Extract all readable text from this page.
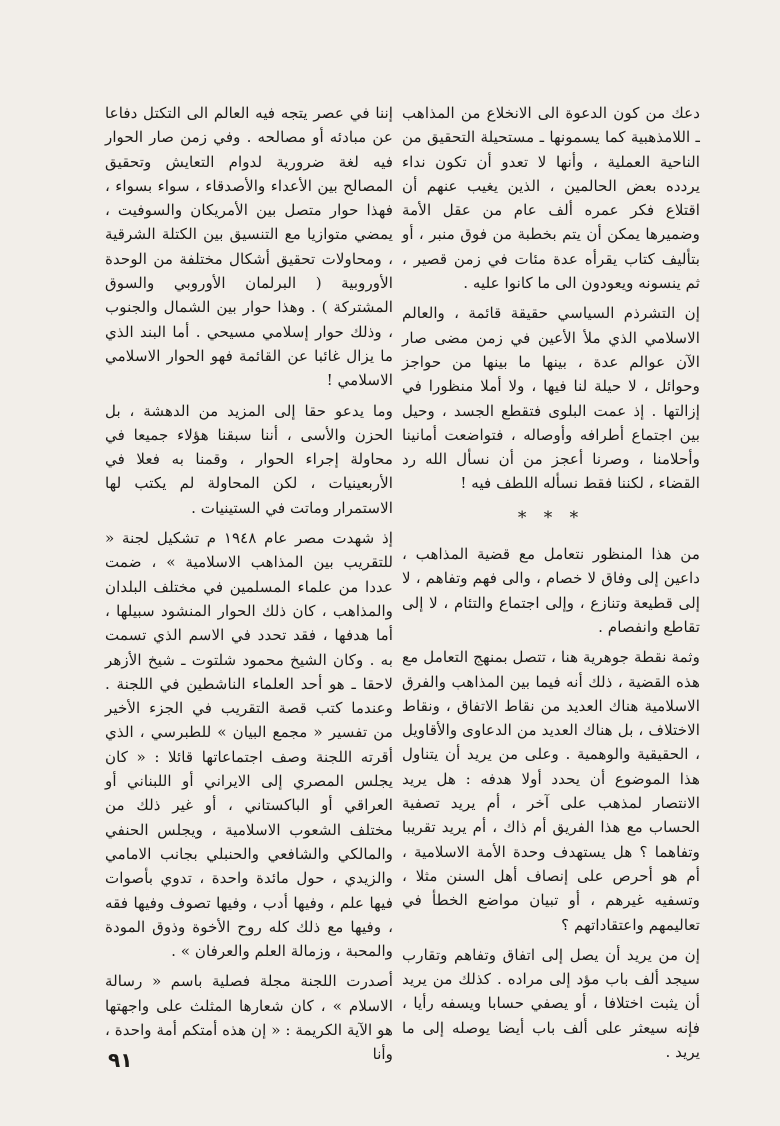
دعك من كون الدعوة الى الانخلاع من المذاهب ـ اللامذهبية كما يسمونها ـ مستحيلة التحقيق من الناحية العملية ، وأنها لا تعدو أن تكون نداء يردده بعض الحالمين ، الذين يغيب عنهم أن اقتلاع فكر عمره ألف عام من عقل الأمة وضميرها يمكن أن يتم بخطبة من فوق منبر ، أو بتأليف كتاب يقرأه عدة مئات في زمن قصير ، ثم ينسونه ويعودون الى ما كانوا عليه .

إن التشرذم السياسي حقيقة قائمة ، والعالم الاسلامي الذي ملأ الأعين في زمن مضى صار الآن عوالم عدة ، بينها ما بينها من حواجز وحوائل ، لا حيلة لنا فيها ، ولا أملا منظورا في إزالتها . إذ عمت البلوى فتقطع الجسد ، وحيل بين اجتماع أطرافه وأوصاله ، فتواضعت أمانينا وأحلامنا ، وصرنا أعجز من أن نسأل الله رد القضاء ، لكننا فقط نسأله اللطف فيه !

* * *

من هذا المنظور نتعامل مع قضية المذاهب ، داعين إلى وفاق لا خصام ، والى فهم وتفاهم ، لا إلى قطيعة وتنازع ، وإلى اجتماع والتئام ، لا إلى تقاطع وانفصام .

وثمة نقطة جوهرية هنا ، تتصل بمنهج التعامل مع هذه القضية ، ذلك أنه فيما بين المذاهب والفرق الاسلامية هناك العديد من نقاط الاتفاق ، ونقاط الاختلاف ، بل هناك العديد من الدعاوى والأقاويل ، الحقيقية والوهمية . وعلى من يريد أن يتناول هذا الموضوع أن يحدد أولا هدفه : هل يريد الانتصار لمذهب على آخر ، أم يريد تصفية الحساب مع هذا الفريق أم ذاك ، أم يريد تقريبا وتفاهما ؟ هل يستهدف وحدة الأمة الاسلامية ، أم هو أحرص على إنصاف أهل السنن مثلا ، وتسفيه غيرهم ، أو تبيان مواضع الخطأ في تعاليمهم واعتقاداتهم ؟

إن من يريد أن يصل إلى اتفاق وتفاهم وتقارب سيجد ألف باب مؤد إلى مراده . كذلك من يريد أن يثبت اختلافا ، أو يصفي حسابا ويسفه رأيا ، فإنه سيعثر على ألف باب أيضا يوصله إلى ما يريد .

إننا في عصر يتجه فيه العالم الى التكتل دفاعا عن مبادئه أو مصالحه . وفي زمن صار الحوار فيه لغة ضرورية لدوام التعايش وتحقيق المصالح بين الأعداء والأصدقاء ، سواء بسواء ، فهذا حوار متصل بين الأمريكان والسوفيت ، يمضي متوازيا مع التنسيق بين الكتلة الشرقية ، ومحاولات تحقيق أشكال مختلفة من الوحدة الأوروبية ( البرلمان الأوروبي والسوق المشتركة ) . وهذا حوار بين الشمال والجنوب ، وذلك حوار إسلامي مسيحي . أما البند الذي ما يزال غائبا عن القائمة فهو الحوار الاسلامي الاسلامي !

وما يدعو حقا إلى المزيد من الدهشة ، بل الحزن والأسى ، أننا سبقنا هؤلاء جميعا في محاولة إجراء الحوار ، وقمنا به فعلا في الأربعينيات ، لكن المحاولة لم يكتب لها الاستمرار وماتت في الستينيات .

إذ شهدت مصر عام ١٩٤٨ م تشكيل لجنة « للتقريب بين المذاهب الاسلامية » ، ضمت عددا من علماء المسلمين في مختلف البلدان والمذاهب ، كان ذلك الحوار المنشود سبيلها ، أما هدفها ، فقد تحدد في الاسم الذي تسمت به . وكان الشيخ محمود شلتوت ـ شيخ الأزهر لاحقا ـ هو أحد العلماء الناشطين في اللجنة . وعندما كتب قصة التقريب في الجزء الأخير من تفسير « مجمع البيان » للطبرسي ، الذي أقرته اللجنة وصف اجتماعاتها قائلا : « كان يجلس المصري إلى الايراني أو اللبناني أو العراقي أو الباكستاني ، أو غير ذلك من مختلف الشعوب الاسلامية ، ويجلس الحنفي والمالكي والشافعي والحنبلي بجانب الامامي والزيدي ، حول مائدة واحدة ، تدوي بأصوات فيها علم ، وفيها أدب ، وفيها تصوف وفيها فقه ، وفيها مع ذلك كله روح الأخوة وذوق المودة والمحبة ، وزمالة العلم والعرفان » .

أصدرت اللجنة مجلة فصلية باسم « رسالة الاسلام » ، كان شعارها المثلث على واجهتها هو الآية الكريمة : « إن هذه أمتكم أمة واحدة ، وأنا

٩١
